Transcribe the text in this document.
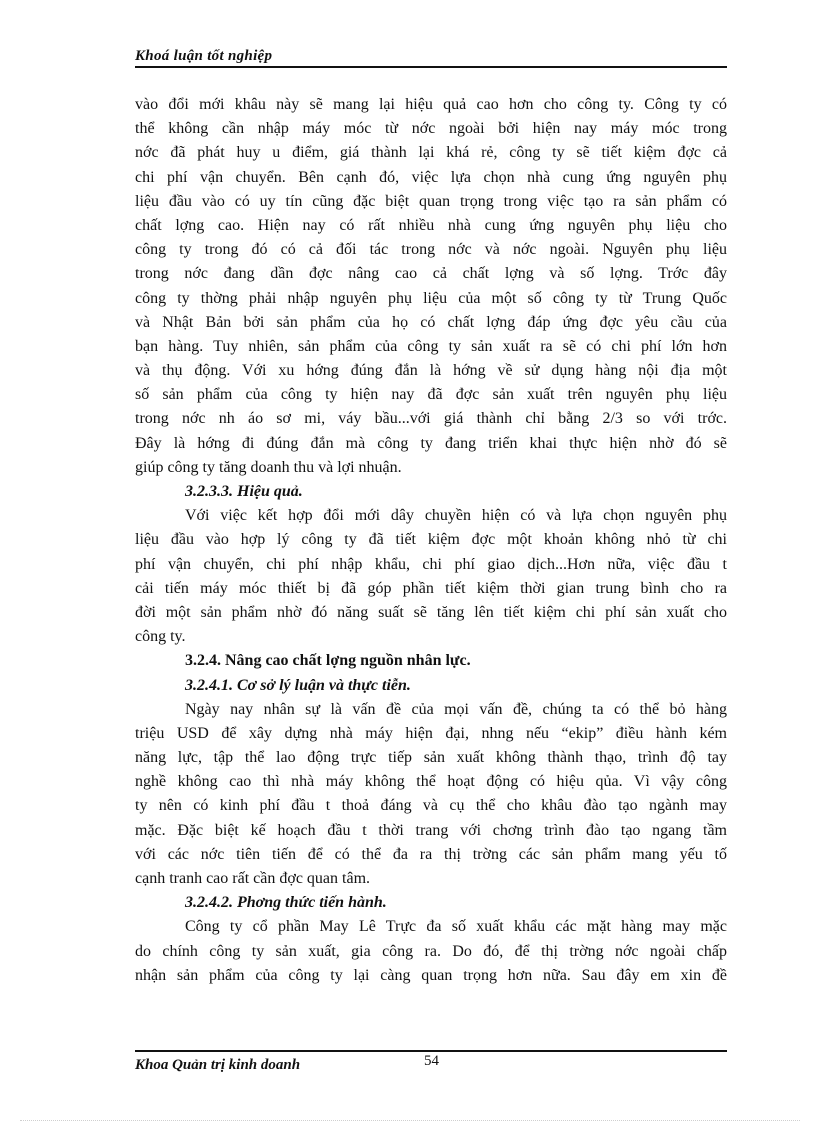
Khoá luận tốt nghiệp
vào đổi mới khâu này sẽ mang lại hiệu quả cao hơn cho công ty. Công ty có
thể không cần nhập máy móc từ nớc ngoài bởi hiện nay máy móc trong
nớc đã phát huy u điểm, giá thành lại khá rẻ, công ty sẽ tiết kiệm đợc cả
chi phí vận chuyển. Bên cạnh đó, việc lựa chọn nhà cung ứng nguyên phụ
liệu đầu vào có uy tín cũng đặc biệt quan trọng trong việc tạo ra sản phẩm có
chất lợng cao. Hiện nay có rất nhiều nhà cung ứng nguyên phụ liệu cho
công ty trong đó có cả đối tác trong nớc và nớc ngoài. Nguyên phụ liệu
trong nớc đang dần đợc nâng cao cả chất lợng và số lợng. Trớc đây
công ty thờng phải nhập nguyên phụ liệu của một số công ty từ Trung Quốc
và Nhật Bản bởi sản phẩm của họ có chất lợng đáp ứng đợc yêu cầu của
bạn hàng. Tuy nhiên, sản phẩm của công ty sản xuất ra sẽ có chi phí lớn hơn
và thụ động. Với xu hớng đúng đắn là hớng về sử dụng hàng nội địa một
số sản phẩm của công ty hiện nay đã đợc sản xuất trên nguyên phụ liệu
trong nớc nh áo sơ mi, váy bầu...với giá thành chỉ bằng 2/3 so với trớc.
Đây là hớng đi đúng đắn mà công ty đang triển khai thực hiện nhờ đó sẽ
giúp công ty tăng doanh thu và lợi nhuận.
3.2.3.3. Hiệu quả.
Với việc kết hợp đổi mới dây chuyền hiện có và lựa chọn nguyên phụ
liệu đầu vào hợp lý công ty đã tiết kiệm đợc một khoản không nhỏ từ chi
phí vận chuyển, chi phí nhập khẩu, chi phí giao dịch...Hơn nữa, việc đầu t
cải tiến máy móc thiết bị đã góp phần tiết kiệm thời gian trung bình cho ra
đời một sản phẩm nhờ đó năng suất sẽ tăng lên tiết kiệm chi phí sản xuất cho
công ty.
3.2.4. Nâng cao chất lợng nguồn nhân lực.
3.2.4.1. Cơ sở lý luận và thực tiễn.
Ngày nay nhân sự là vấn đề của mọi vấn đề, chúng ta có thể bỏ hàng
triệu USD để xây dựng nhà máy hiện đại, nhng nếu “ekip” điều hành kém
năng lực, tập thể lao động trực tiếp sản xuất không thành thạo, trình độ tay
nghề không cao thì nhà máy không thể hoạt động có hiệu qủa. Vì vậy công
ty nên có kinh phí đầu t thoả đáng và cụ thể cho khâu đào tạo ngành may
mặc. Đặc biệt kế hoạch đầu t thời trang với chơng trình đào tạo ngang tầm
với các nớc tiên tiến để có thể đa ra thị trờng các sản phẩm mang yếu tố
cạnh tranh cao rất cần đợc quan tâm.
3.2.4.2. Phơng thức tiến hành.
Công ty cổ phần May Lê Trực đa số xuất khẩu các mặt hàng may mặc
do chính công ty sản xuất, gia công ra. Do đó, để thị trờng nớc ngoài chấp
nhận sản phẩm của công ty lại càng quan trọng hơn nữa. Sau đây em xin đề
Khoa Quản trị kinh doanh	54
